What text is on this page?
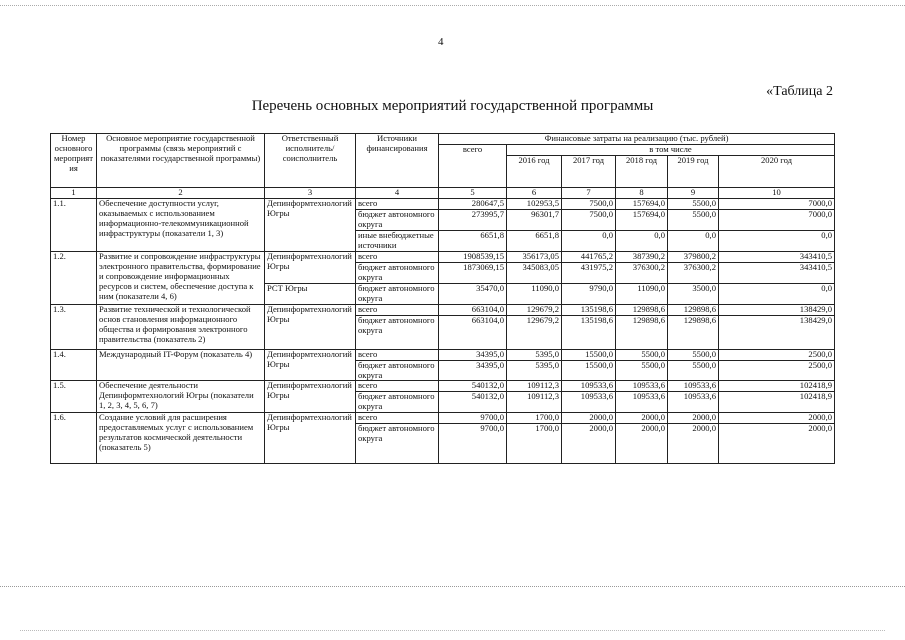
4
«Таблица 2
Перечень основных мероприятий государственной программы
Номер основного мероприятия	Основное мероприятие государственной программы (связь мероприятий с показателями государственной программы)	Ответственный исполнитель/соисполнитель	Источники финансирования	Финансовые затраты на реализацию (тыс. рублей)					
				всего	в том числе				
					2016 год	2017 год	2018 год	2019 год	2020 год
1	2	3	4	5	6	7	8	9	10
1.1.	Обеспечение доступности услуг, оказываемых с использованием информационно-телекоммуникационной инфраструктуры (показатели 1, 3)	Депинформтехнологий Югры	всего	280647,5	102953,5	7500,0	157694,0	5500,0	7000,0
			бюджет автономного округа	273995,7	96301,7	7500,0	157694,0	5500,0	7000,0
			иные внебюджетные источники	6651,8	6651,8	0,0	0,0	0,0	0,0
1.2.	Развитие и сопровождение инфраструктуры электронного правительства, формирование и сопровождение информационных ресурсов и систем, обеспечение доступа к ним (показатели 4, 6)	Депинформтехнологий Югры	всего	1908539,15	356173,05	441765,2	387390,2	379800,2	343410,5
			бюджет автономного округа	1873069,15	345083,05	431975,2	376300,2	376300,2	343410,5
		РСТ Югры	бюджет автономного округа	35470,0	11090,0	9790,0	11090,0	3500,0	0,0
1.3.	Развитие технической и технологической основ становления информационного общества и формирования электронного правительства (показатель 2)	Депинформтехнологий Югры	всего	663104,0	129679,2	135198,6	129898,6	129898,6	138429,0
			бюджет автономного округа	663104,0	129679,2	135198,6	129898,6	129898,6	138429,0
1.4.	Международный IT-Форум (показатель 4)	Депинформтехнологий Югры	всего	34395,0	5395,0	15500,0	5500,0	5500,0	2500,0
			бюджет автономного округа	34395,0	5395,0	15500,0	5500,0	5500,0	2500,0
1.5.	Обеспечение деятельности Депинформтехнологий Югры (показатели 1, 2, 3, 4, 5, 6, 7)	Депинформтехнологий Югры	всего	540132,0	109112,3	109533,6	109533,6	109533,6	102418,9
			бюджет автономного округа	540132,0	109112,3	109533,6	109533,6	109533,6	102418,9
1.6.	Создание условий для расширения предоставляемых услуг с использованием результатов космической деятельности (показатель 5)	Депинформтехнологий Югры	всего	9700,0	1700,0	2000,0	2000,0	2000,0	2000,0
			бюджет автономного округа	9700,0	1700,0	2000,0	2000,0	2000,0	2000,0
